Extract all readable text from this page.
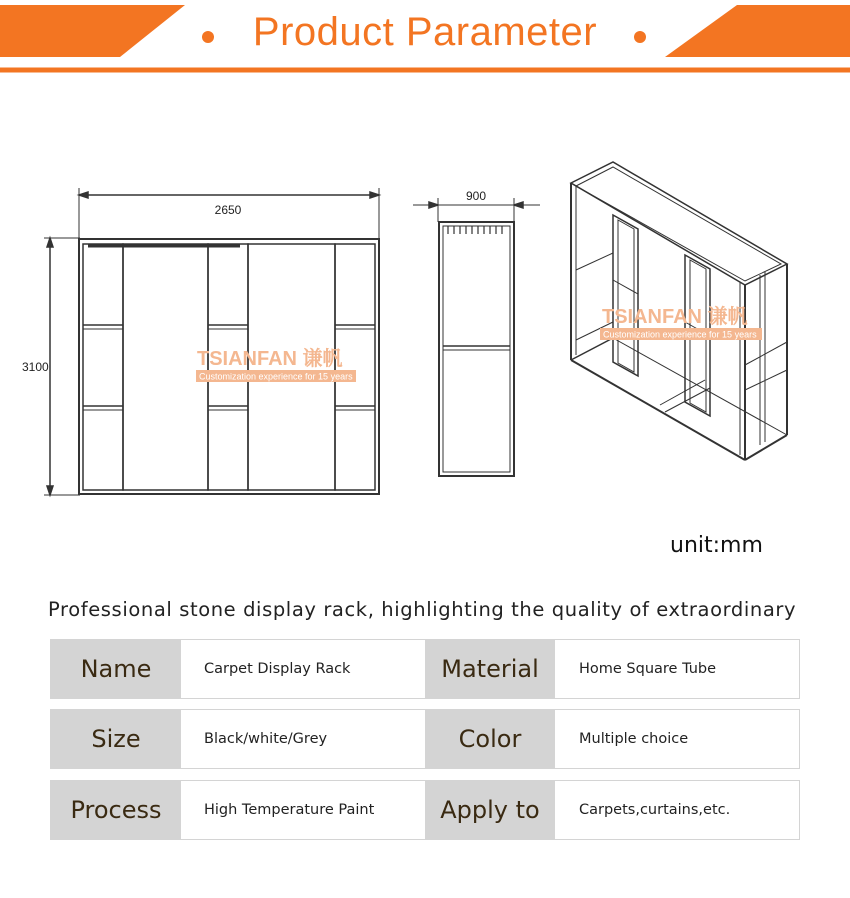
Product Parameter
2650
3100
900
TSIANFAN 谦帆
Customization experience for 15 years
TSIANFAN 谦帆
Customization experience for 15 years
unit:mm
Professional stone display rack, highlighting the quality of extraordinary
Name	Carpet Display Rack	Material	Home Square Tube
Size	Black/white/Grey	Color	Multiple choice
Process	High Temperature Paint	Apply to	Carpets,curtains,etc.
